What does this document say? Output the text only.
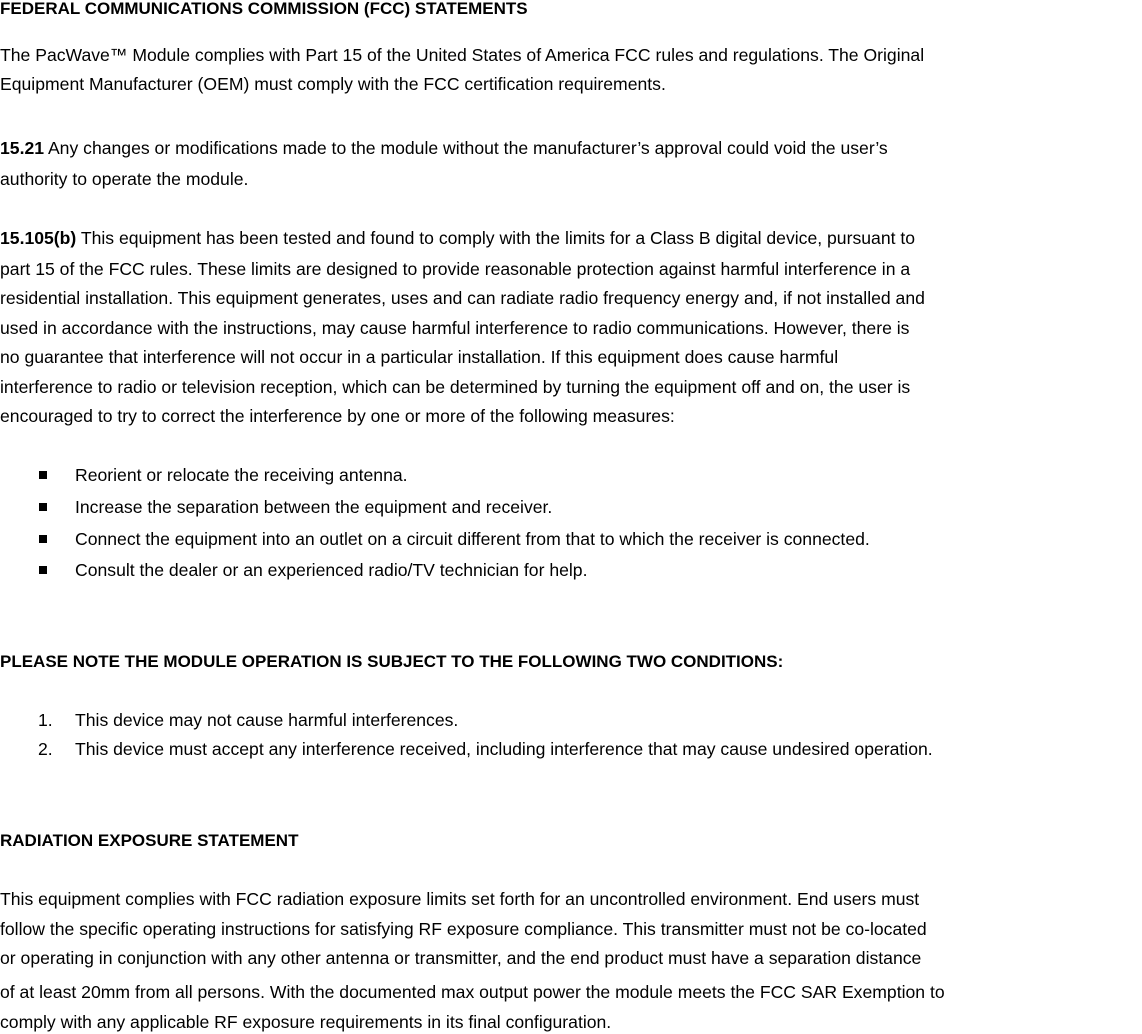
FEDERAL COMMUNICATIONS COMMISSION (FCC) STATEMENTS
The PacWave™ Module complies with Part 15 of the United States of America FCC rules and regulations. The Original
Equipment Manufacturer (OEM) must comply with the FCC certification requirements.
15.21 Any changes or modifications made to the module without the manufacturer’s approval could void the user’s
authority to operate the module.
15.105(b) This equipment has been tested and found to comply with the limits for a Class B digital device, pursuant to
part 15 of the FCC rules. These limits are designed to provide reasonable protection against harmful interference in a
residential installation. This equipment generates, uses and can radiate radio frequency energy and, if not installed and
used in accordance with the instructions, may cause harmful interference to radio communications. However, there is
no guarantee that interference will not occur in a particular installation. If this equipment does cause harmful
interference to radio or television reception, which can be determined by turning the equipment off and on, the user is
encouraged to try to correct the interference by one or more of the following measures:
Reorient or relocate the receiving antenna.
Increase the separation between the equipment and receiver.
Connect the equipment into an outlet on a circuit different from that to which the receiver is connected.
Consult the dealer or an experienced radio/TV technician for help.
PLEASE NOTE THE MODULE OPERATION IS SUBJECT TO THE FOLLOWING TWO CONDITIONS:
1. This device may not cause harmful interferences.
2. This device must accept any interference received, including interference that may cause undesired operation.
RADIATION EXPOSURE STATEMENT
This equipment complies with FCC radiation exposure limits set forth for an uncontrolled environment. End users must
follow the specific operating instructions for satisfying RF exposure compliance. This transmitter must not be co-located
or operating in conjunction with any other antenna or transmitter, and the end product must have a separation distance
of at least 20mm from all persons. With the documented max output power the module meets the FCC SAR Exemption to
comply with any applicable RF exposure requirements in its final configuration.
